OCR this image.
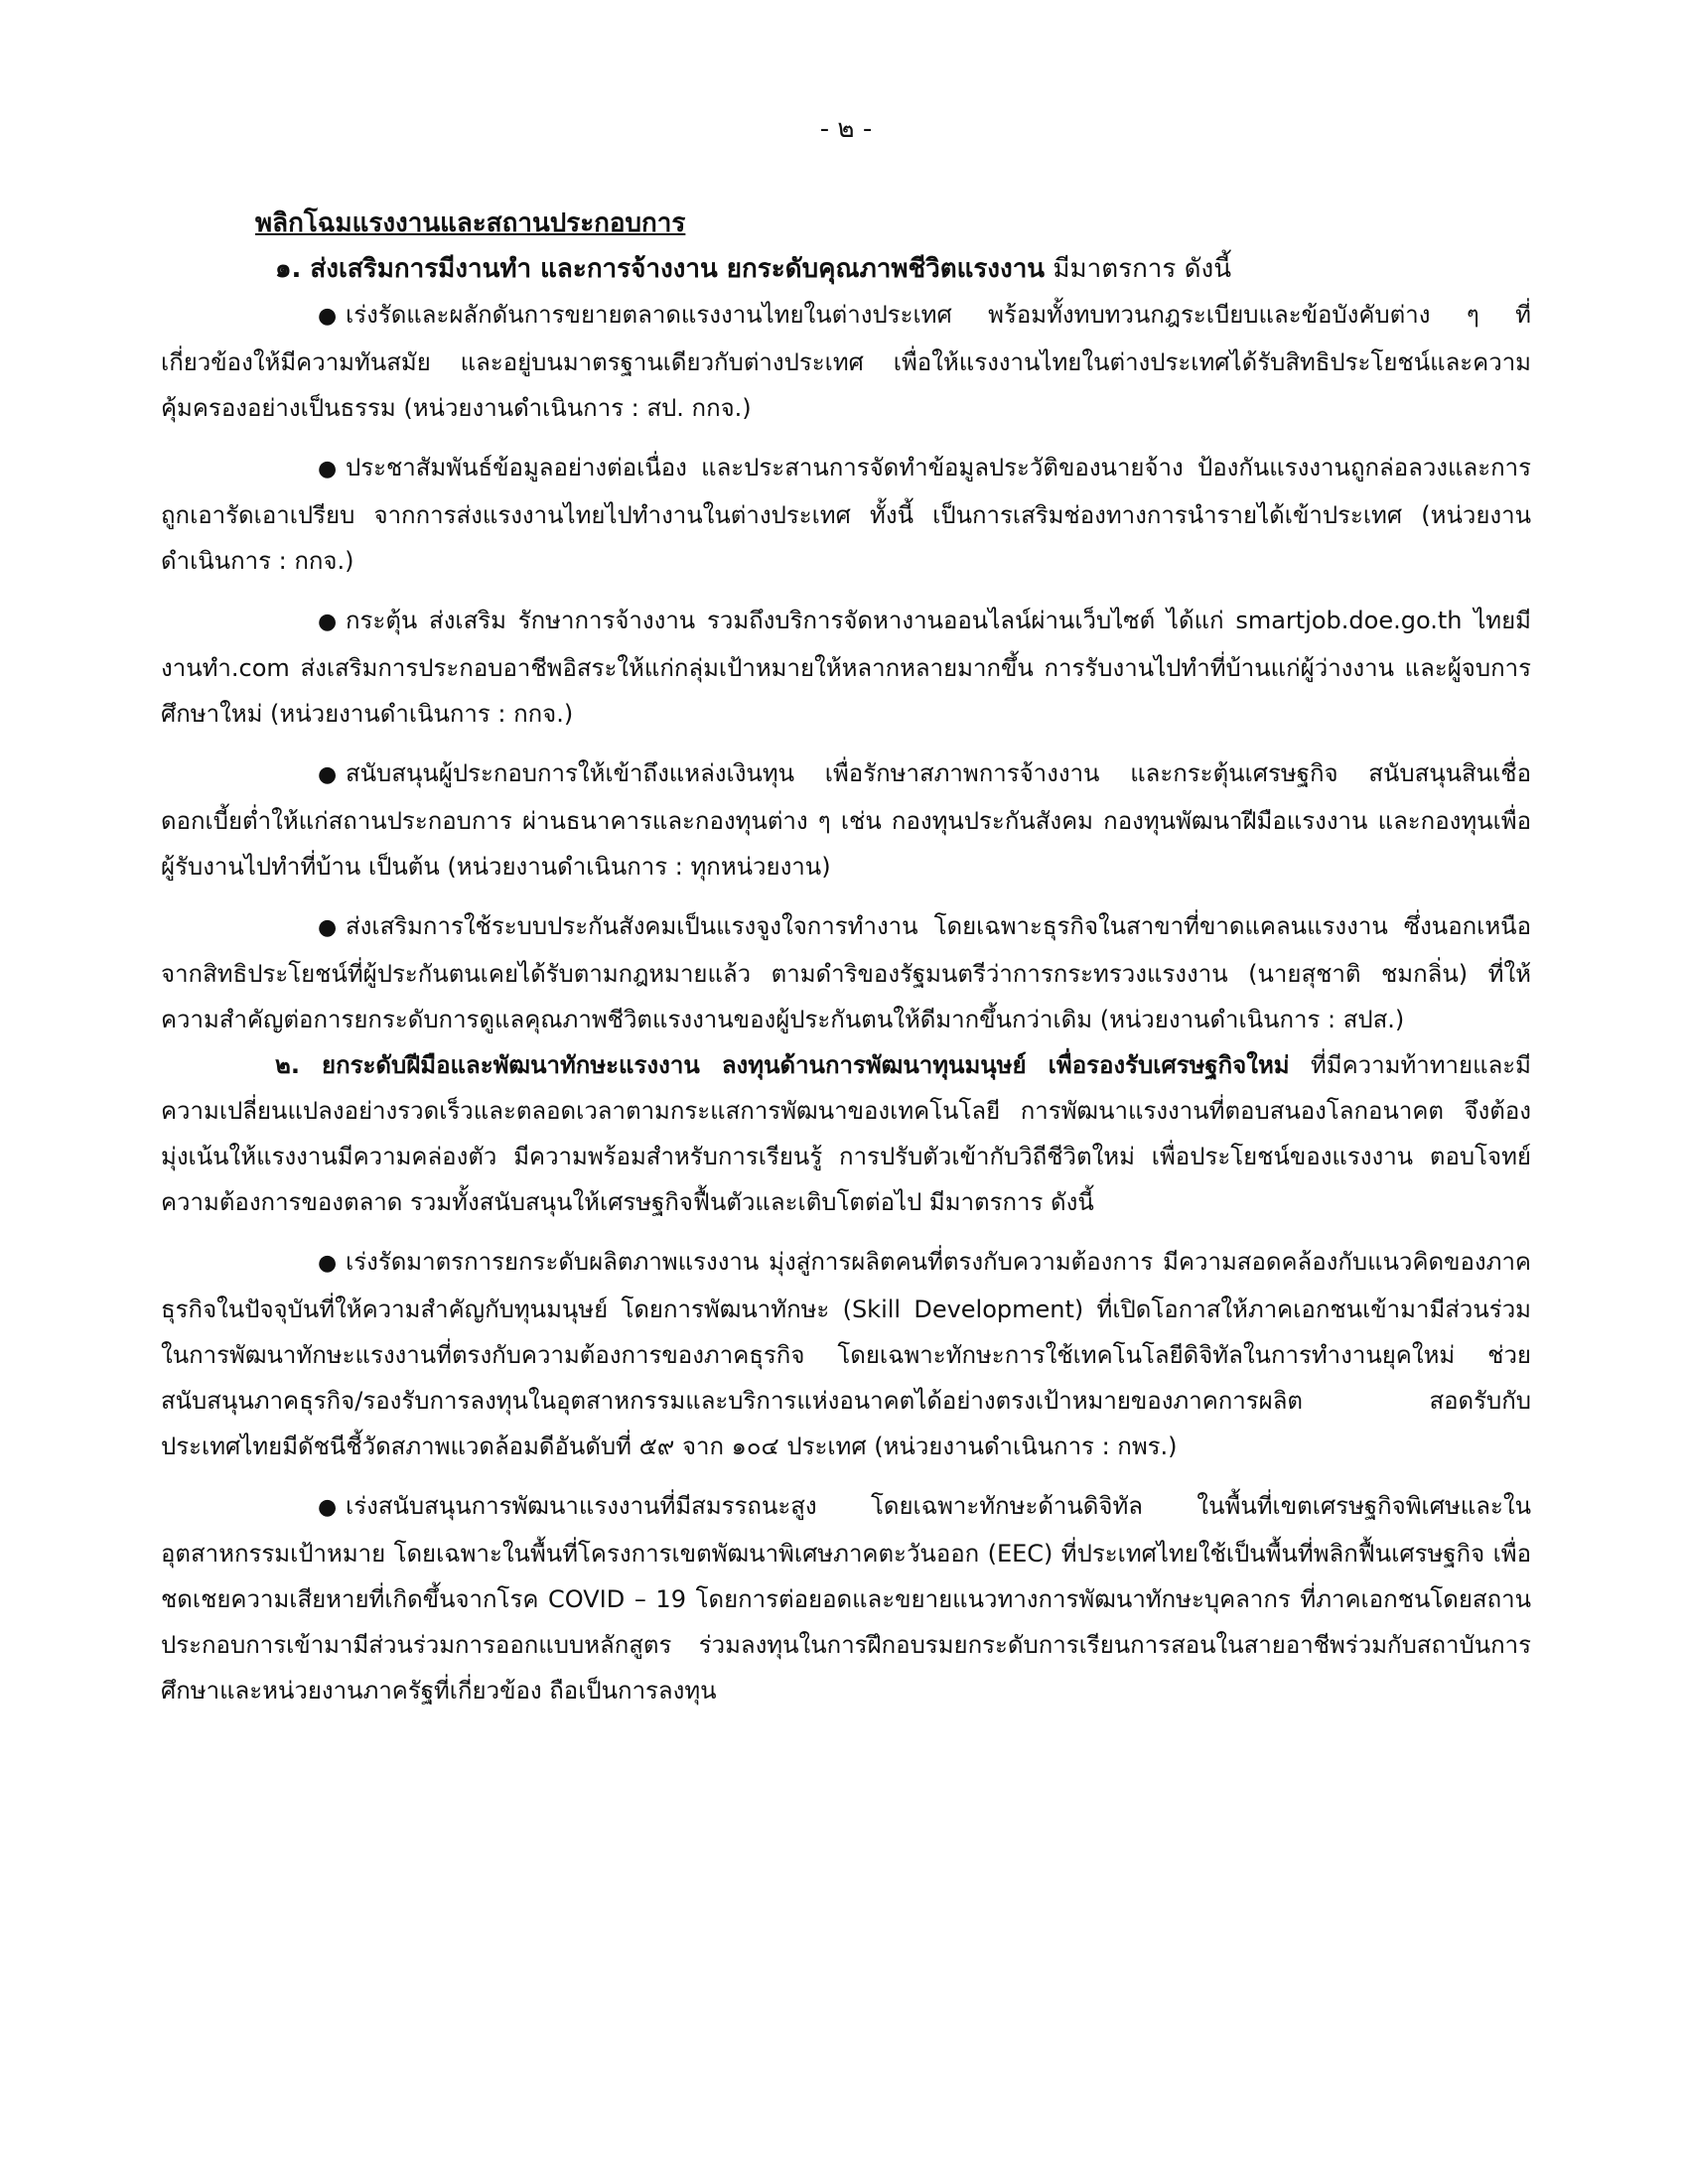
- ๒ -
พลิกโฉมแรงงานและสถานประกอบการ

๑. ส่งเสริมการมีงานทำ และการจ้างงาน ยกระดับคุณภาพชีวิตแรงงาน มีมาตรการ ดังนี้

● เร่งรัดและผลักดันการขยายตลาดแรงงานไทยในต่างประเทศ พร้อมทั้งทบทวนกฎระเบียบและข้อบังคับต่าง ๆ ที่เกี่ยวข้องให้มีความทันสมัย และอยู่บนมาตรฐานเดียวกับต่างประเทศ เพื่อให้แรงงานไทยในต่างประเทศได้รับสิทธิประโยชน์และความคุ้มครองอย่างเป็นธรรม (หน่วยงานดำเนินการ : สป. กกจ.)

● ประชาสัมพันธ์ข้อมูลอย่างต่อเนื่อง และประสานการจัดทำข้อมูลประวัติของนายจ้าง ป้องกันแรงงานถูกล่อลวงและการถูกเอารัดเอาเปรียบ จากการส่งแรงงานไทยไปทำงานในต่างประเทศ ทั้งนี้ เป็นการเสริมช่องทางการนำรายได้เข้าประเทศ (หน่วยงานดำเนินการ : กกจ.)

● กระตุ้น ส่งเสริม รักษาการจ้างงาน รวมถึงบริการจัดหางานออนไลน์ผ่านเว็บไซต์ ได้แก่ smartjob.doe.go.th ไทยมีงานทำ.com ส่งเสริมการประกอบอาชีพอิสระให้แก่กลุ่มเป้าหมายให้หลากหลายมากขึ้น การรับงานไปทำที่บ้านแก่ผู้ว่างงาน และผู้จบการศึกษาใหม่ (หน่วยงานดำเนินการ : กกจ.)

● สนับสนุนผู้ประกอบการให้เข้าถึงแหล่งเงินทุน เพื่อรักษาสภาพการจ้างงาน และกระตุ้นเศรษฐกิจ สนับสนุนสินเชื่อดอกเบี้ยต่ำให้แก่สถานประกอบการ ผ่านธนาคารและกองทุนต่าง ๆ เช่น กองทุนประกันสังคม กองทุนพัฒนาฝีมือแรงงาน และกองทุนเพื่อผู้รับงานไปทำที่บ้าน เป็นต้น (หน่วยงานดำเนินการ : ทุกหน่วยงาน)

● ส่งเสริมการใช้ระบบประกันสังคมเป็นแรงจูงใจการทำงาน โดยเฉพาะธุรกิจในสาขาที่ขาดแคลนแรงงาน ซึ่งนอกเหนือจากสิทธิประโยชน์ที่ผู้ประกันตนเคยได้รับตามกฎหมายแล้ว ตามดำริของรัฐมนตรีว่าการกระทรวงแรงงาน (นายสุชาติ ชมกลิ่น) ที่ให้ความสำคัญต่อการยกระดับการดูแลคุณภาพชีวิตแรงงานของผู้ประกันตนให้ดีมากขึ้นกว่าเดิม (หน่วยงานดำเนินการ : สปส.)

๒. ยกระดับฝีมือและพัฒนาทักษะแรงงาน ลงทุนด้านการพัฒนาทุนมนุษย์ เพื่อรองรับเศรษฐกิจใหม่ ที่มีความท้าทายและมีความเปลี่ยนแปลงอย่างรวดเร็วและตลอดเวลาตามกระแสการพัฒนาของเทคโนโลยี การพัฒนาแรงงานที่ตอบสนองโลกอนาคต จึงต้องมุ่งเน้นให้แรงงานมีความคล่องตัว มีความพร้อมสำหรับการเรียนรู้ การปรับตัวเข้ากับวิถีชีวิตใหม่ เพื่อประโยชน์ของแรงงาน ตอบโจทย์ความต้องการของตลาด รวมทั้งสนับสนุนให้เศรษฐกิจฟื้นตัวและเติบโตต่อไป มีมาตรการ ดังนี้

● เร่งรัดมาตรการยกระดับผลิตภาพแรงงาน มุ่งสู่การผลิตคนที่ตรงกับความต้องการ มีความสอดคล้องกับแนวคิดของภาคธุรกิจในปัจจุบันที่ให้ความสำคัญกับทุนมนุษย์ โดยการพัฒนาทักษะ (Skill Development) ที่เปิดโอกาสให้ภาคเอกชนเข้ามามีส่วนร่วมในการพัฒนาทักษะแรงงานที่ตรงกับความต้องการของภาคธุรกิจ โดยเฉพาะทักษะการใช้เทคโนโลยีดิจิทัลในการทำงานยุคใหม่ ช่วยสนับสนุนภาคธุรกิจ/รองรับการลงทุนในอุตสาหกรรมและบริการแห่งอนาคตได้อย่างตรงเป้าหมายของภาคการผลิต สอดรับกับประเทศไทยมีดัชนีชี้วัดสภาพแวดล้อมดีอันดับที่ ๕๙ จาก ๑๐๔ ประเทศ (หน่วยงานดำเนินการ : กพร.)

● เร่งสนับสนุนการพัฒนาแรงงานที่มีสมรรถนะสูง โดยเฉพาะทักษะด้านดิจิทัล ในพื้นที่เขตเศรษฐกิจพิเศษและในอุตสาหกรรมเป้าหมาย โดยเฉพาะในพื้นที่โครงการเขตพัฒนาพิเศษภาคตะวันออก (EEC) ที่ประเทศไทยใช้เป็นพื้นที่พลิกฟื้นเศรษฐกิจ เพื่อชดเชยความเสียหายที่เกิดขึ้นจากโรค COVID – 19 โดยการต่อยอดและขยายแนวทางการพัฒนาทักษะบุคลากร ที่ภาคเอกชนโดยสถานประกอบการเข้ามามีส่วนร่วมการออกแบบหลักสูตร ร่วมลงทุนในการฝึกอบรมยกระดับการเรียนการสอนในสายอาชีพร่วมกับสถาบันการศึกษาและหน่วยงานภาครัฐที่เกี่ยวข้อง ถือเป็นการลงทุน
